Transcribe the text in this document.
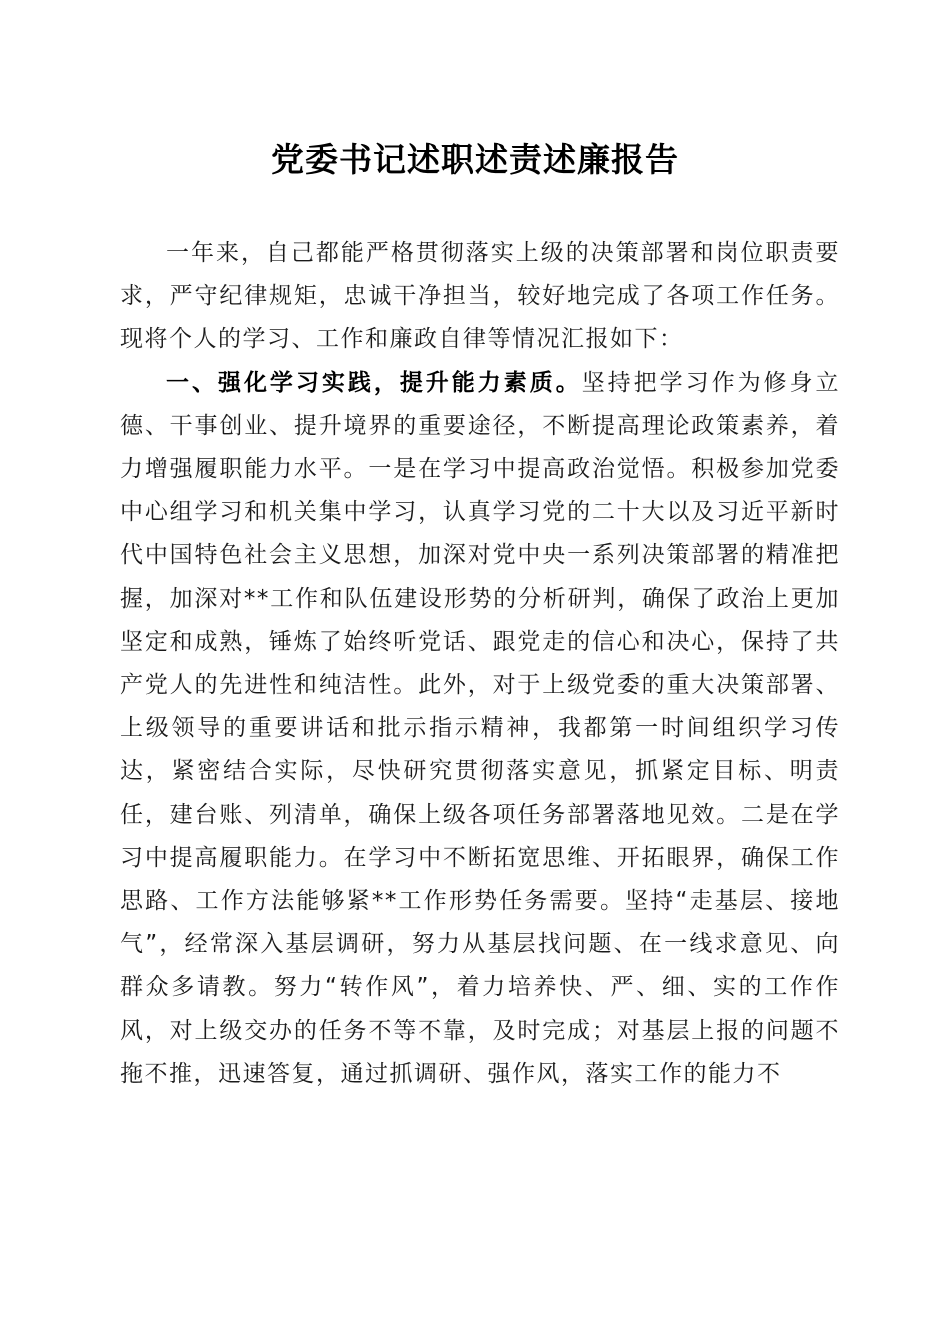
党委书记述职述责述廉报告

一年来，自己都能严格贯彻落实上级的决策部署和岗位职责要求，严守纪律规矩，忠诚干净担当，较好地完成了各项工作任务。现将个人的学习、工作和廉政自律等情况汇报如下：

一、强化学习实践，提升能力素质。坚持把学习作为修身立德、干事创业、提升境界的重要途径，不断提高理论政策素养，着力增强履职能力水平。一是在学习中提高政治觉悟。积极参加党委中心组学习和机关集中学习，认真学习党的二十大以及习近平新时代中国特色社会主义思想，加深对党中央一系列决策部署的精准把握，加深对**工作和队伍建设形势的分析研判，确保了政治上更加坚定和成熟，锤炼了始终听党话、跟党走的信心和决心，保持了共产党人的先进性和纯洁性。此外，对于上级党委的重大决策部署、上级领导的重要讲话和批示指示精神，我都第一时间组织学习传达，紧密结合实际，尽快研究贯彻落实意见，抓紧定目标、明责任，建台账、列清单，确保上级各项任务部署落地见效。二是在学习中提高履职能力。在学习中不断拓宽思维、开拓眼界，确保工作思路、工作方法能够紧**工作形势任务需要。坚持“走基层、接地气”，经常深入基层调研，努力从基层找问题、在一线求意见、向群众多请教。努力“转作风”，着力培养快、严、细、实的工作作风，对上级交办的任务不等不靠，及时完成；对基层上报的问题不拖不推，迅速答复，通过抓调研、强作风，落实工作的能力不
